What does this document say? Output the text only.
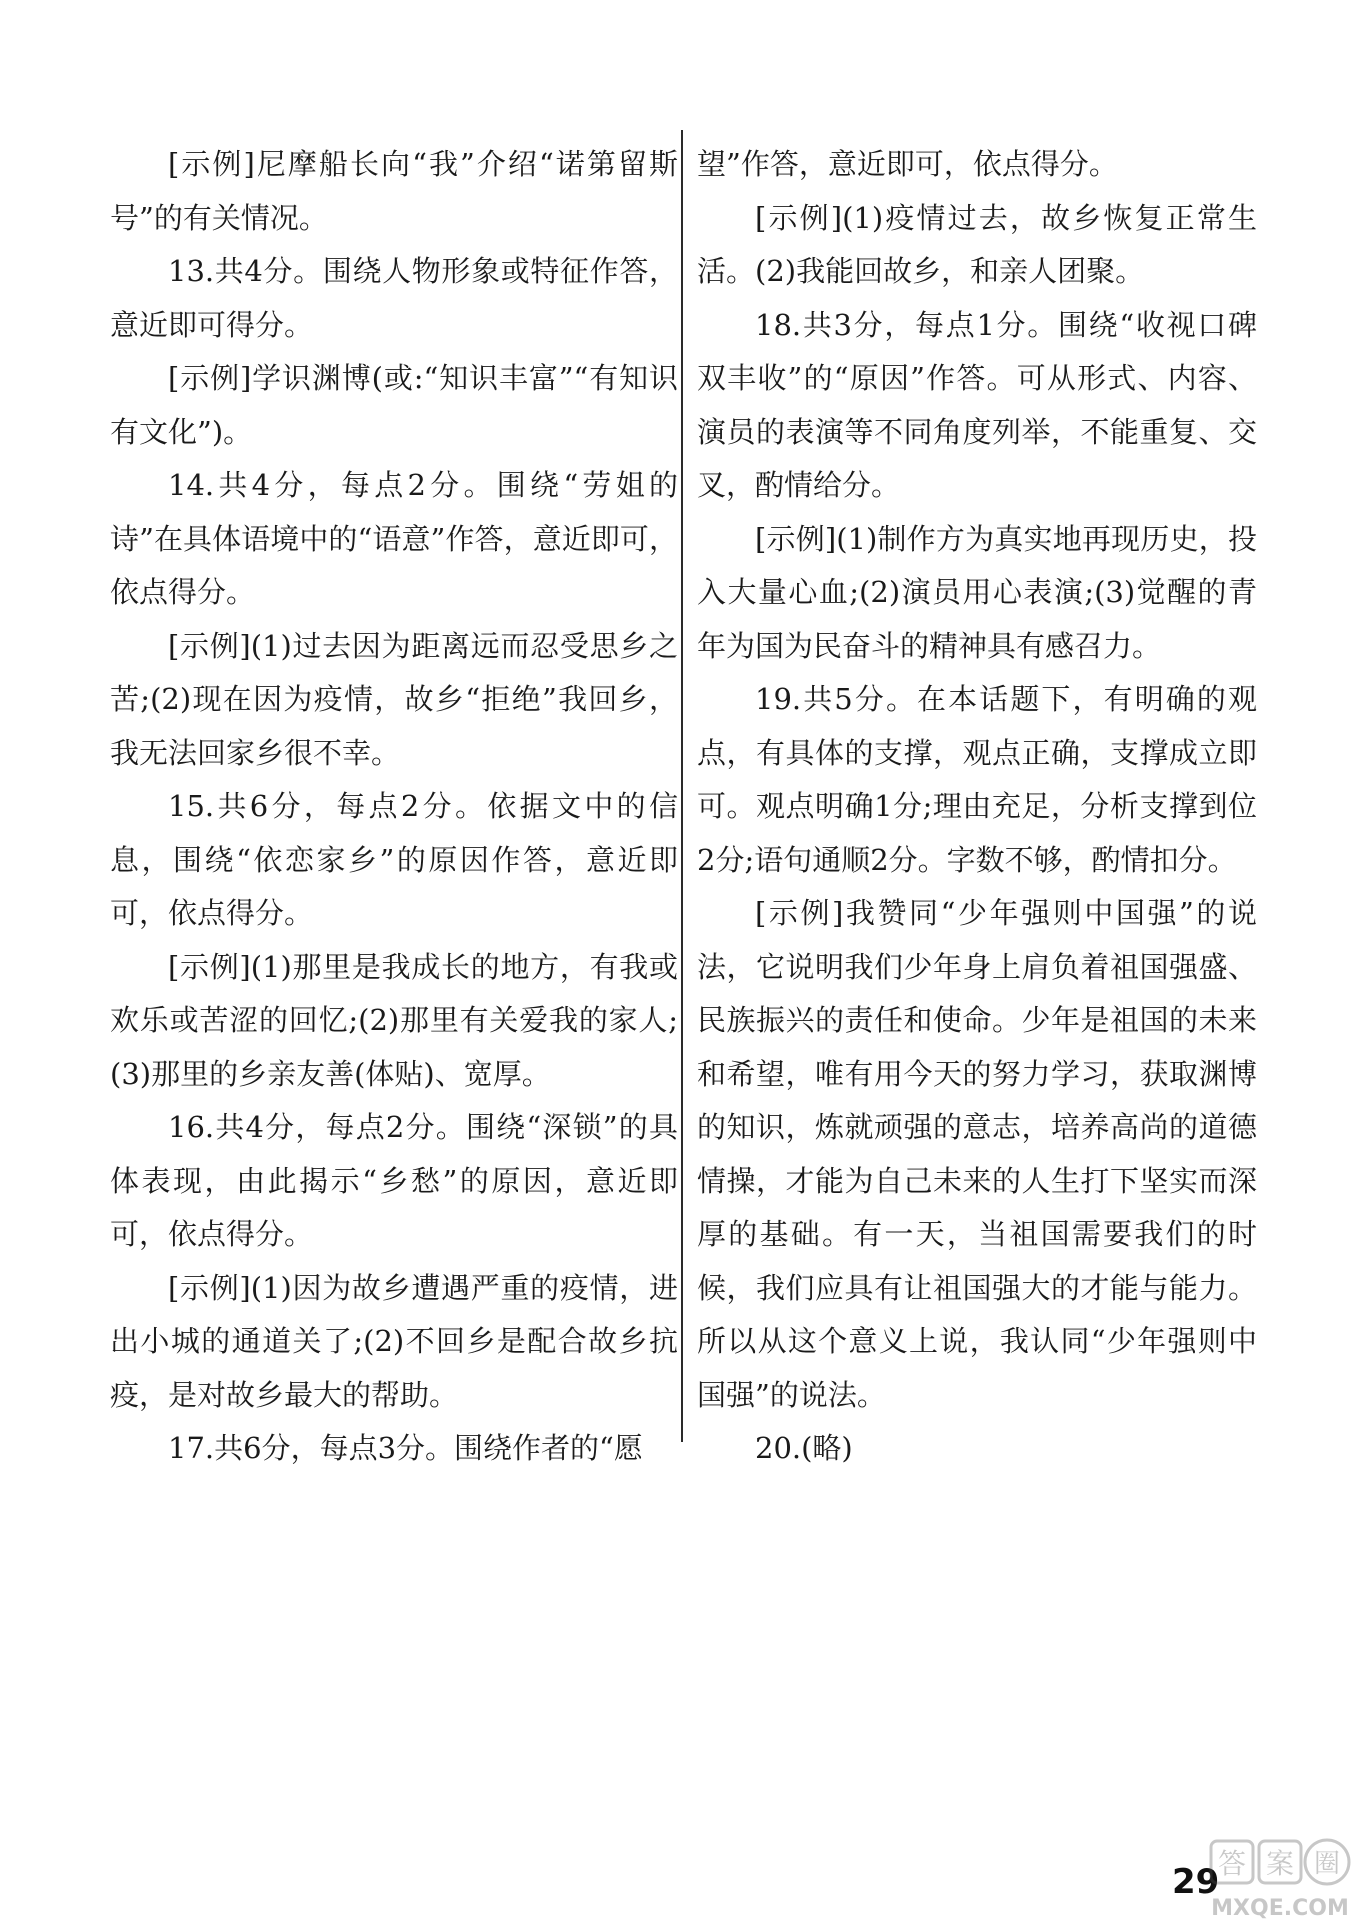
[示例]尼摩船长向“我”介绍“诺第留斯号”的有关情况。

13.共4分。围绕人物形象或特征作答，意近即可得分。

[示例]学识渊博(或:“知识丰富”“有知识有文化”)。

14.共4分，每点2分。围绕“劳姐的诗”在具体语境中的“语意”作答，意近即可，依点得分。

[示例](1)过去因为距离远而忍受思乡之苦;(2)现在因为疫情，故乡“拒绝”我回乡，我无法回家乡很不幸。

15.共6分，每点2分。依据文中的信息，围绕“依恋家乡”的原因作答，意近即可，依点得分。

[示例](1)那里是我成长的地方，有我或欢乐或苦涩的回忆;(2)那里有关爱我的家人;(3)那里的乡亲友善(体贴)、宽厚。

16.共4分，每点2分。围绕“深锁”的具体表现，由此揭示“乡愁”的原因，意近即可，依点得分。

[示例](1)因为故乡遭遇严重的疫情，进出小城的通道关了;(2)不回乡是配合故乡抗疫，是对故乡最大的帮助。

17.共6分，每点3分。围绕作者的“愿

望”作答，意近即可，依点得分。

[示例](1)疫情过去，故乡恢复正常生活。(2)我能回故乡，和亲人团聚。

18.共3分，每点1分。围绕“收视口碑双丰收”的“原因”作答。可从形式、内容、演员的表演等不同角度列举，不能重复、交叉，酌情给分。

[示例](1)制作方为真实地再现历史，投入大量心血;(2)演员用心表演;(3)觉醒的青年为国为民奋斗的精神具有感召力。

19.共5分。在本话题下，有明确的观点，有具体的支撑，观点正确，支撑成立即可。观点明确1分;理由充足，分析支撑到位2分;语句通顺2分。字数不够，酌情扣分。

[示例]我赞同“少年强则中国强”的说法，它说明我们少年身上肩负着祖国强盛、民族振兴的责任和使命。少年是祖国的未来和希望，唯有用今天的努力学习，获取渊博的知识，炼就顽强的意志，培养高尚的道德情操，才能为自己未来的人生打下坚实而深厚的基础。有一天，当祖国需要我们的时候，我们应具有让祖国强大的才能与能力。所以从这个意义上说，我认同“少年强则中国强”的说法。

20.(略)

29
答 案 圈
MXQE.COM
